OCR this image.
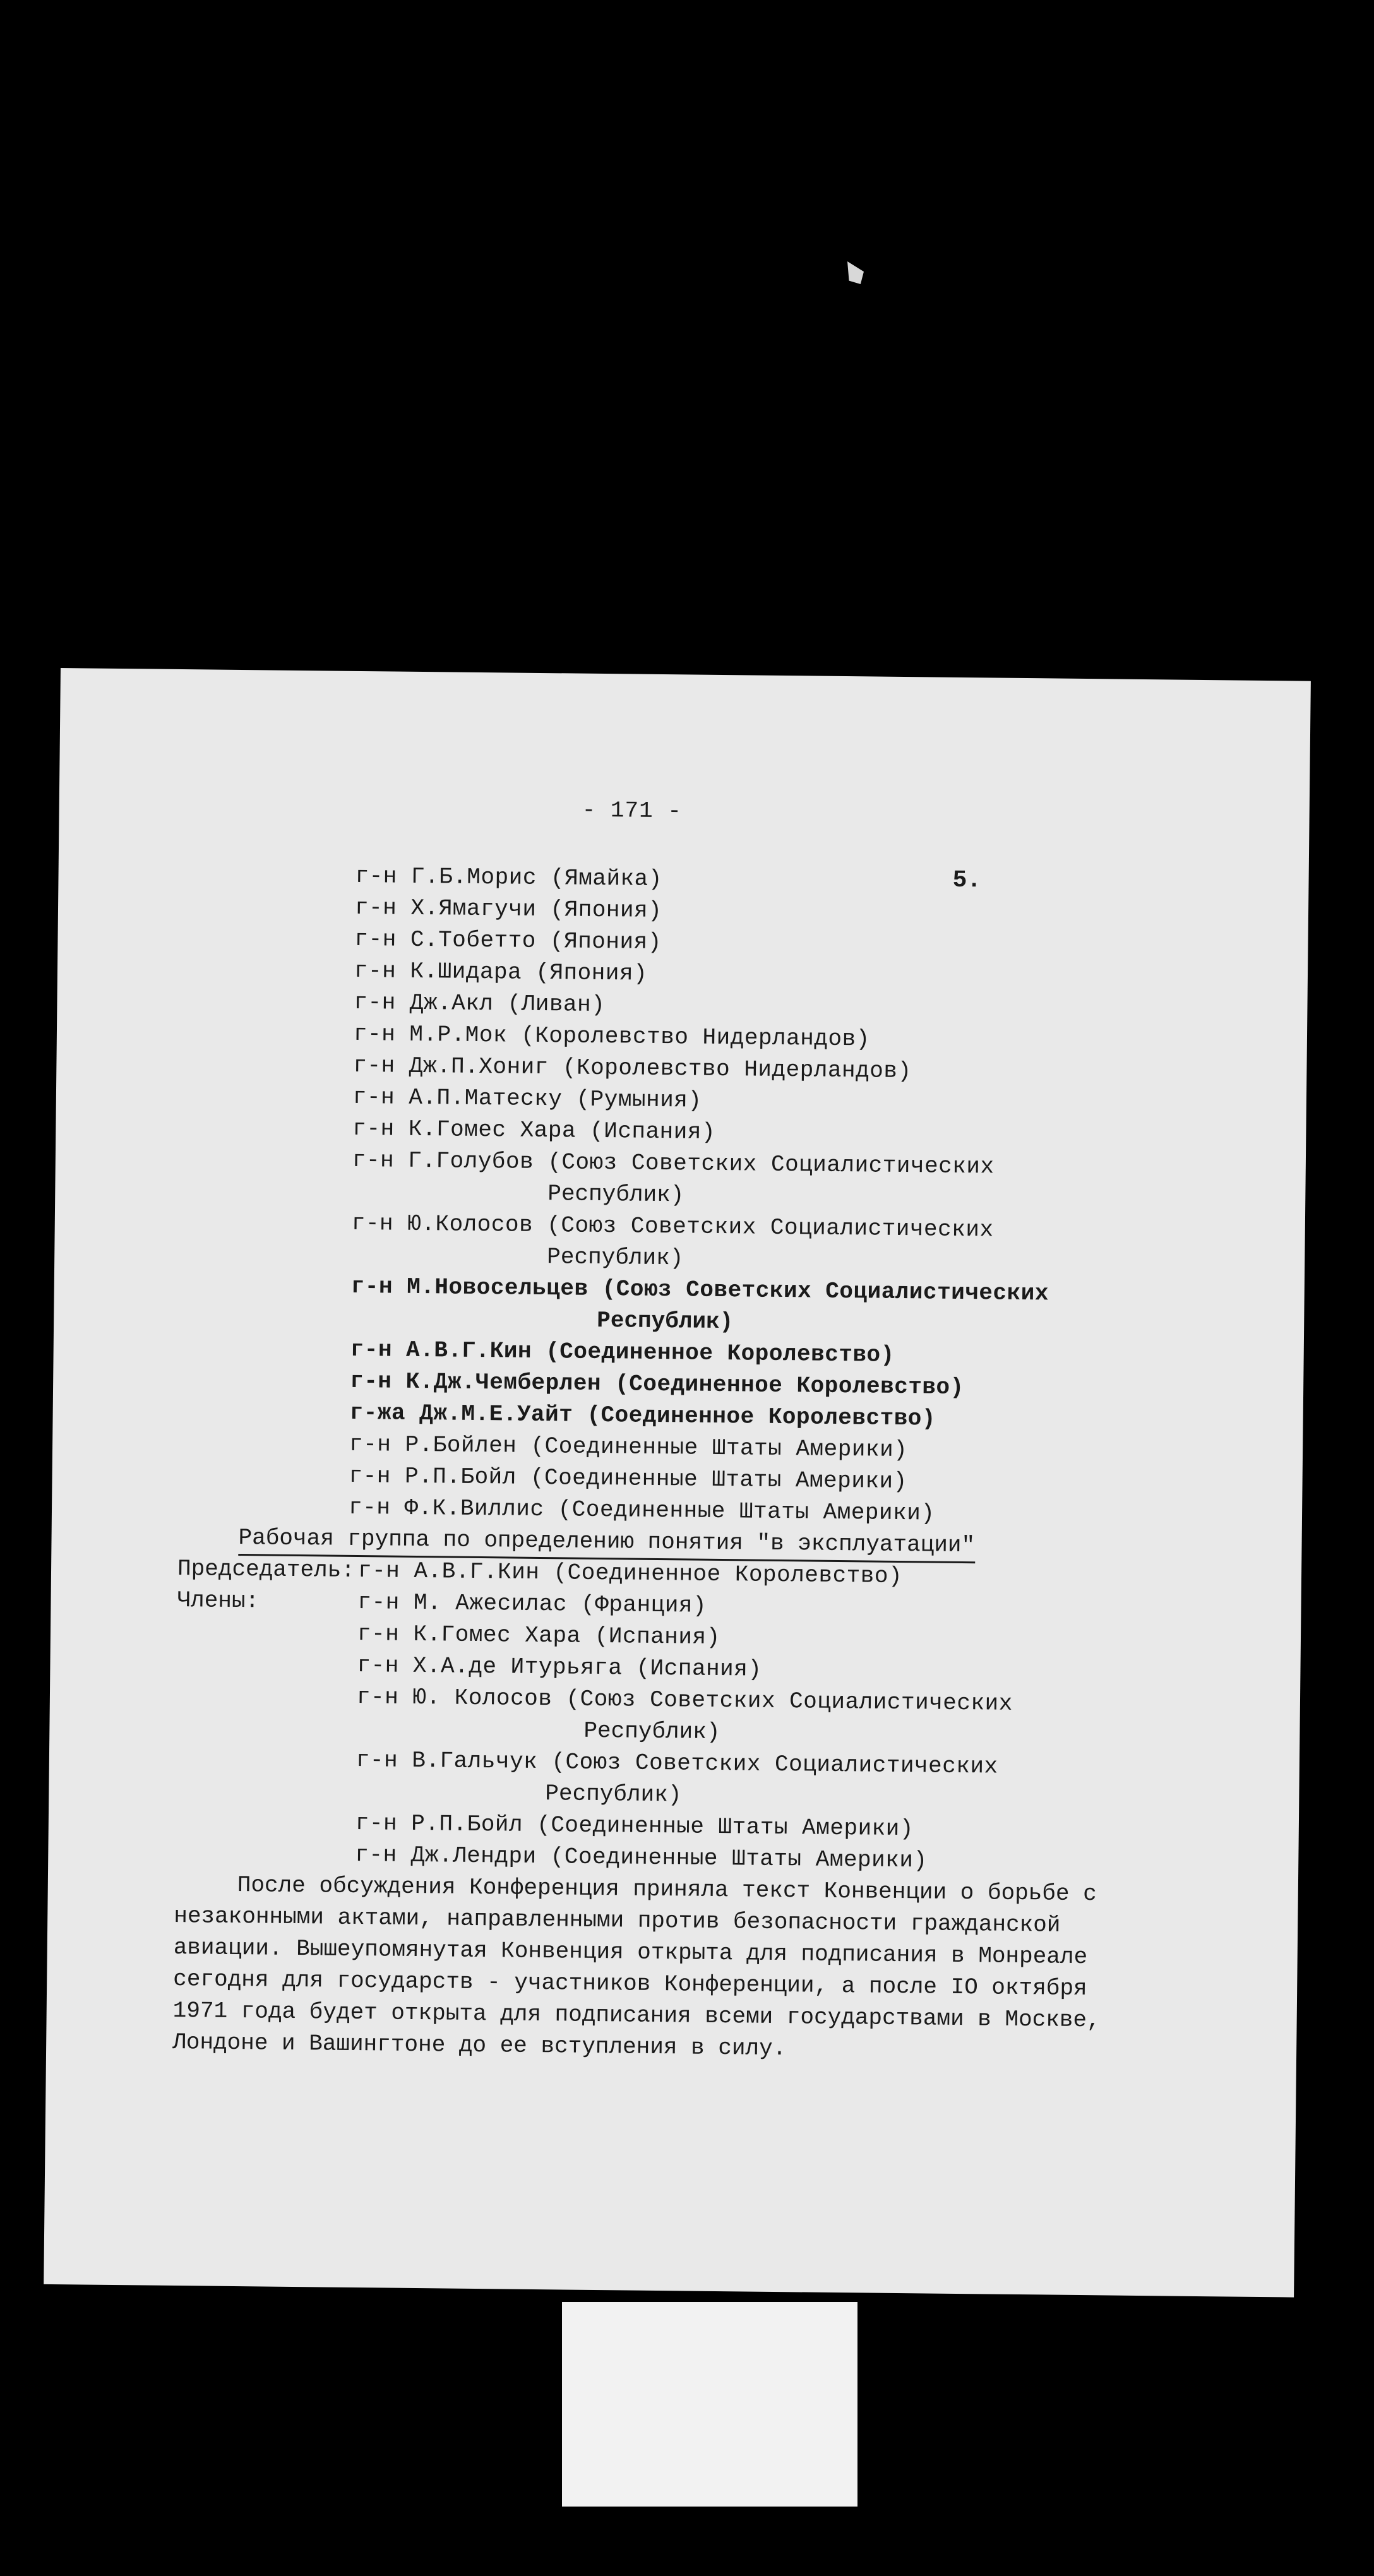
- 171 -
5.
г-н Г.Б.Морис (Ямайка)
г-н Х.Ямагучи (Япония)
г-н С.Тобетто (Япония)
г-н К.Шидара (Япония)
г-н Дж.Акл (Ливан)
г-н М.Р.Мок (Королевство Нидерландов)
г-н Дж.П.Хониг (Королевство Нидерландов)
г-н А.П.Матеску (Румыния)
г-н К.Гомес Хара (Испания)
г-н Г.Голубов (Союз Советских Социалистических
Республик)
г-н Ю.Колосов (Союз Советских Социалистических
Республик)
г-н М.Новосельцев (Союз Советских Социалистических
Республик)
г-н А.В.Г.Кин (Соединенное Королевство)
г-н К.Дж.Чемберлен (Соединенное Королевство)
г-жа Дж.М.Е.Уайт (Соединенное Королевство)
г-н Р.Бойлен (Соединенные Штаты Америки)
г-н Р.П.Бойл (Соединенные Штаты Америки)
г-н Ф.К.Виллис (Соединенные Штаты Америки)
Рабочая группа по определению понятия "в эксплуатации"
Председатель: г-н А.В.Г.Кин (Соединенное Королевство)
Члены:	г-н М. Ажесилас (Франция)
г-н К.Гомес Хара (Испания)
г-н Х.А.де Итурьяга (Испания)
г-н Ю. Колосов (Союз Советских Социалистических
Республик)
г-н В.Гальчук (Союз Советских Социалистических
Республик)
г-н Р.П.Бойл (Соединенные Штаты Америки)
г-н Дж.Лендри (Соединенные Штаты Америки)
После обсуждения Конференция приняла текст Конвенции о борьбе с
незаконными актами, направленными против безопасности гражданской
авиации. Вышеупомянутая Конвенция открыта для подписания в Монреале
сегодня для государств - участников Конференции, а после IO октября
1971 года будет открыта для подписания всеми государствами в Москве,
Лондоне и Вашингтоне до ее вступления в силу.
